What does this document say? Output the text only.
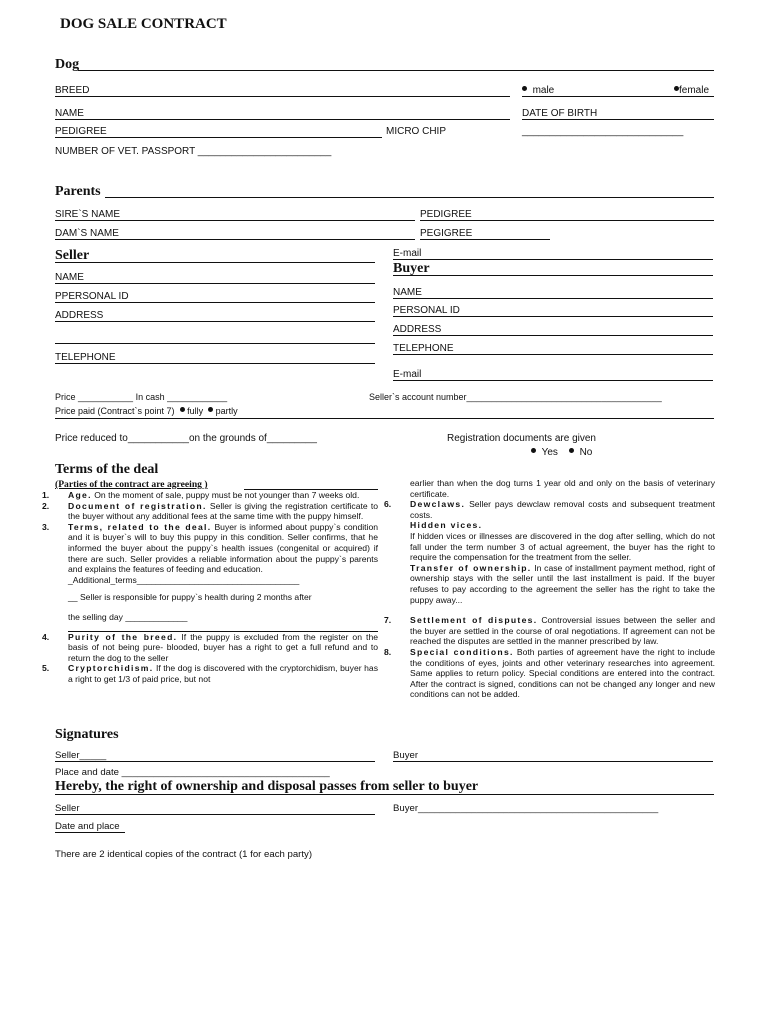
DOG SALE CONTRACT
Dog
BREED	male	female
NAME	DATE OF BIRTH
PEDIGREE	MICRO CHIP	_____________________________
NUMBER OF VET. PASSPORT ________________________
Parents
SIRE`S NAME	PEDIGREE
DAM`S NAME	PEGIGREE
Seller
NAME
PPERSONAL ID
ADDRESS
TELEPHONE
E-mail
Buyer
NAME
PERSONAL ID
ADDRESS
TELEPHONE
E-mail
Price ___________ In cash ____________	Seller`s account number_______________________________________
Price paid (Contract`s point 7) fully partly
Price reduced to___________on the grounds of_________	Registration documents are given
Yes No
Terms of the deal
(Parties of the contract are agreeing )

1. Age. On the moment of sale, puppy must be not younger than 7 weeks old.

2. Document of registration. Seller is giving the registration certificate to the buyer without any additional fees at the same time with the puppy himself.

3. Terms, related to the deal. Buyer is informed about puppy`s condition and it is buyer`s will to buy this puppy in this condition. Seller confirms, that he informed the buyer about the puppy`s health issues (congenital or acquired) if there are such. Seller provides a reliable information about the puppy`s parents and explains the features of feeding and education.

_Additional_terms__________________________________

__ Seller is responsible for puppy`s health during 2 months after

the selling day _____________

4. Purity of the breed. If the puppy is excluded from the register on the basis of not being pure- blooded, buyer has a right to get a full refund and to return the dog to the seller

5. Cryptorchidism. If the dog is discovered with the cryptorchidism, buyer has a right to get 1/3 of paid price, but not

earlier than when the dog turns 1 year old and only on the basis of veterinary certificate.

6. Dewclaws. Seller pays dewclaw removal costs and subsequent treatment costs.

Hidden vices.
If hidden vices or illnesses are discovered in the dog after selling, which do not fall under the term number 3 of actual agreement, the buyer has the right to require the compensation for the treatment from the seller.

Transfer of ownership. In case of installment payment method, right of ownership stays with the seller until the last installment is paid. If the buyer refuses to pay according to the agreement the seller has the right to take the puppy away...

7. Settlement of disputes. Controversial issues between the seller and the buyer are settled in the course of oral negotiations. If agreement can not be reached the disputes are settled in the manner prescribed by law.

8. Special conditions. Both parties of agreement have the right to include the conditions of eyes, joints and other veterinary researches into agreement. Same applies to return policy. Special conditions are entered into the contract. After the contract is signed, conditions can not be changed any longer and new conditions can not be added.

Signatures
Seller_____	Buyer
Place and date _______________________________________
Hereby, the right of ownership and disposal passes from seller to buyer
Seller	Buyer_____________________________________________
Date and place
There are 2 identical copies of the contract (1 for each party)
